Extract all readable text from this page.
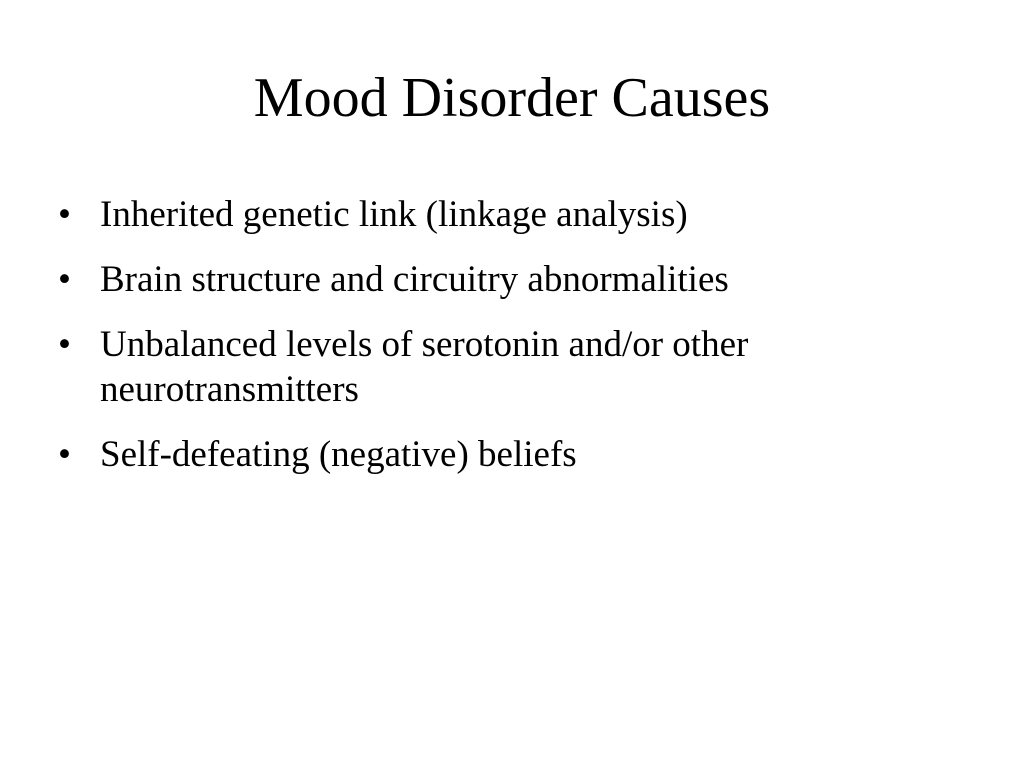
Mood Disorder Causes
• Inherited genetic link (linkage analysis)
• Brain structure and circuitry abnormalities
• Unbalanced levels of serotonin and/or other neurotransmitters
• Self-defeating (negative) beliefs
